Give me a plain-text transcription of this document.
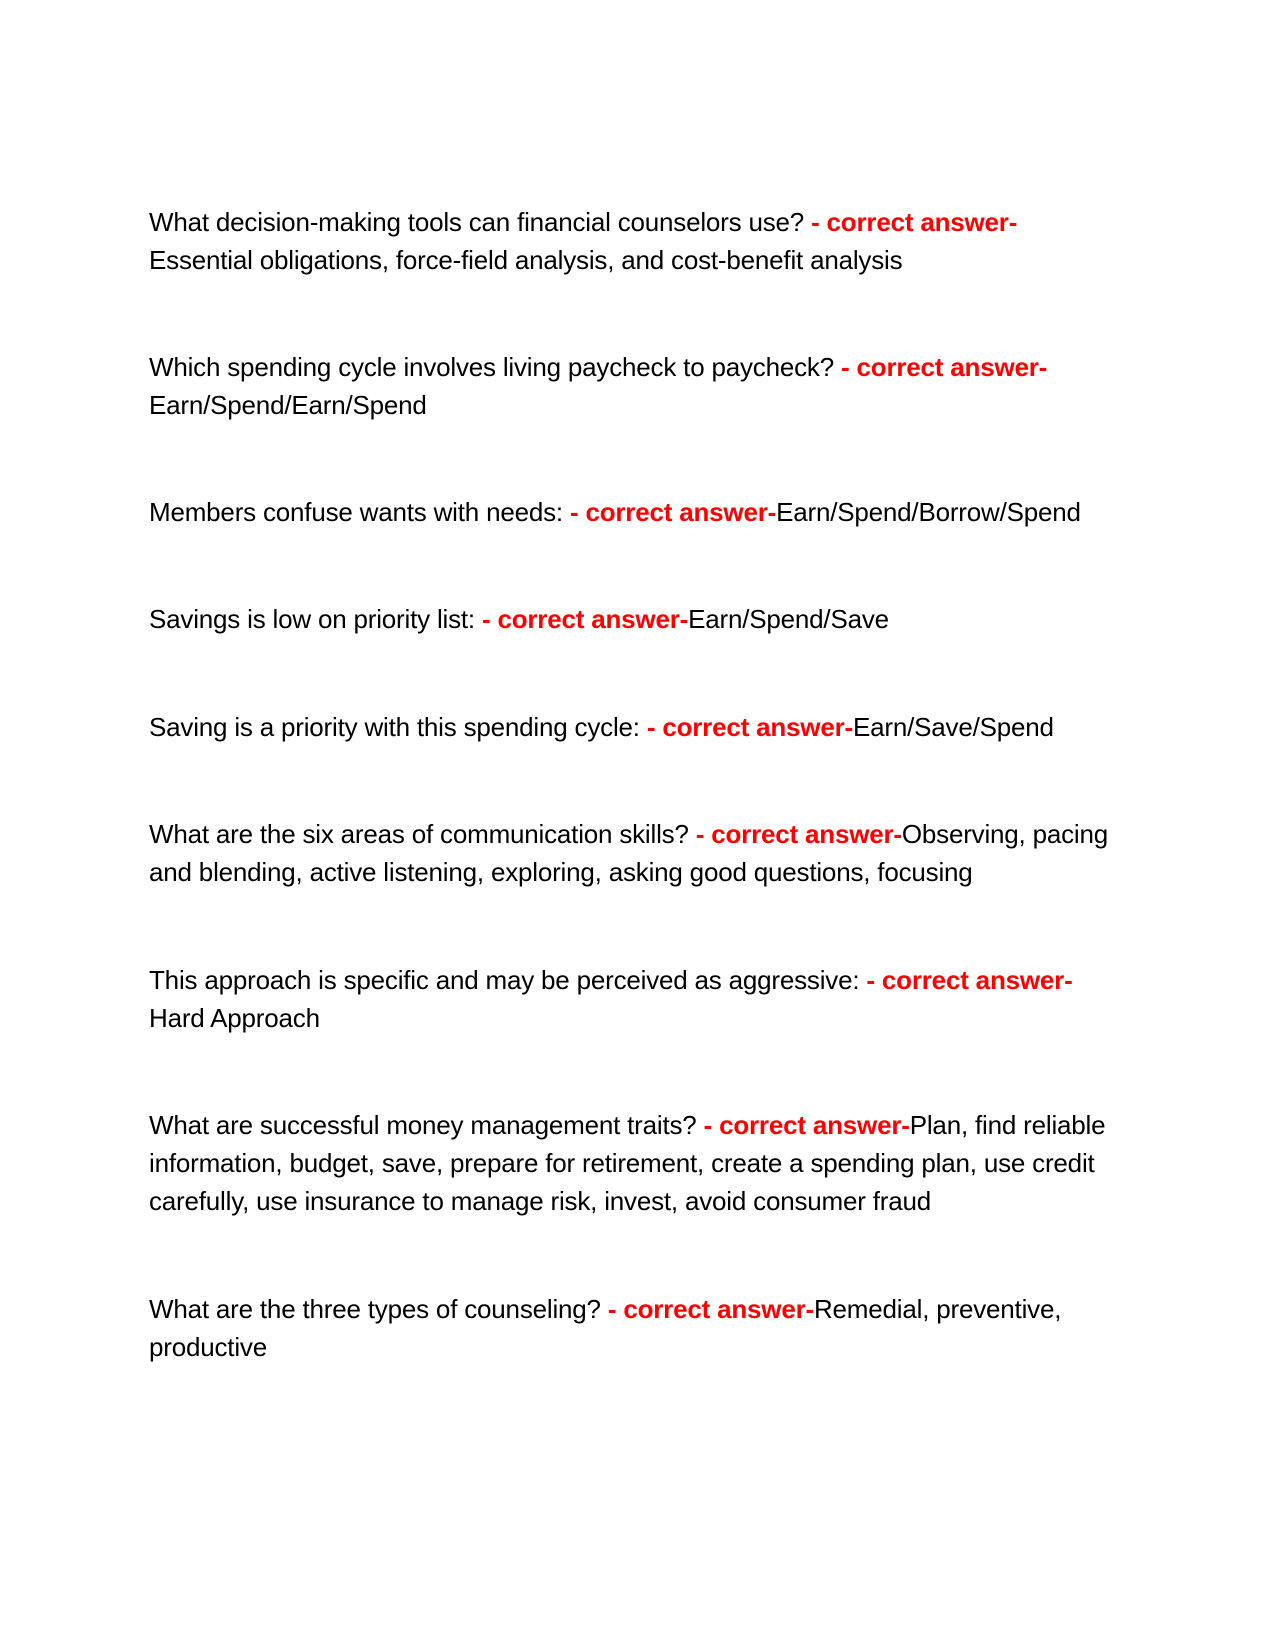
What decision-making tools can financial counselors use? - correct answer-
Essential obligations, force-field analysis, and cost-benefit analysis
Which spending cycle involves living paycheck to paycheck? - correct answer-
Earn/Spend/Earn/Spend
Members confuse wants with needs: - correct answer-Earn/Spend/Borrow/Spend
Savings is low on priority list: - correct answer-Earn/Spend/Save
Saving is a priority with this spending cycle: - correct answer-Earn/Save/Spend
What are the six areas of communication skills? - correct answer-Observing, pacing and blending, active listening, exploring, asking good questions, focusing
This approach is specific and may be perceived as aggressive: - correct answer-
Hard Approach
What are successful money management traits? - correct answer-Plan, find reliable information, budget, save, prepare for retirement, create a spending plan, use credit carefully, use insurance to manage risk, invest, avoid consumer fraud
What are the three types of counseling? - correct answer-Remedial, preventive, productive
